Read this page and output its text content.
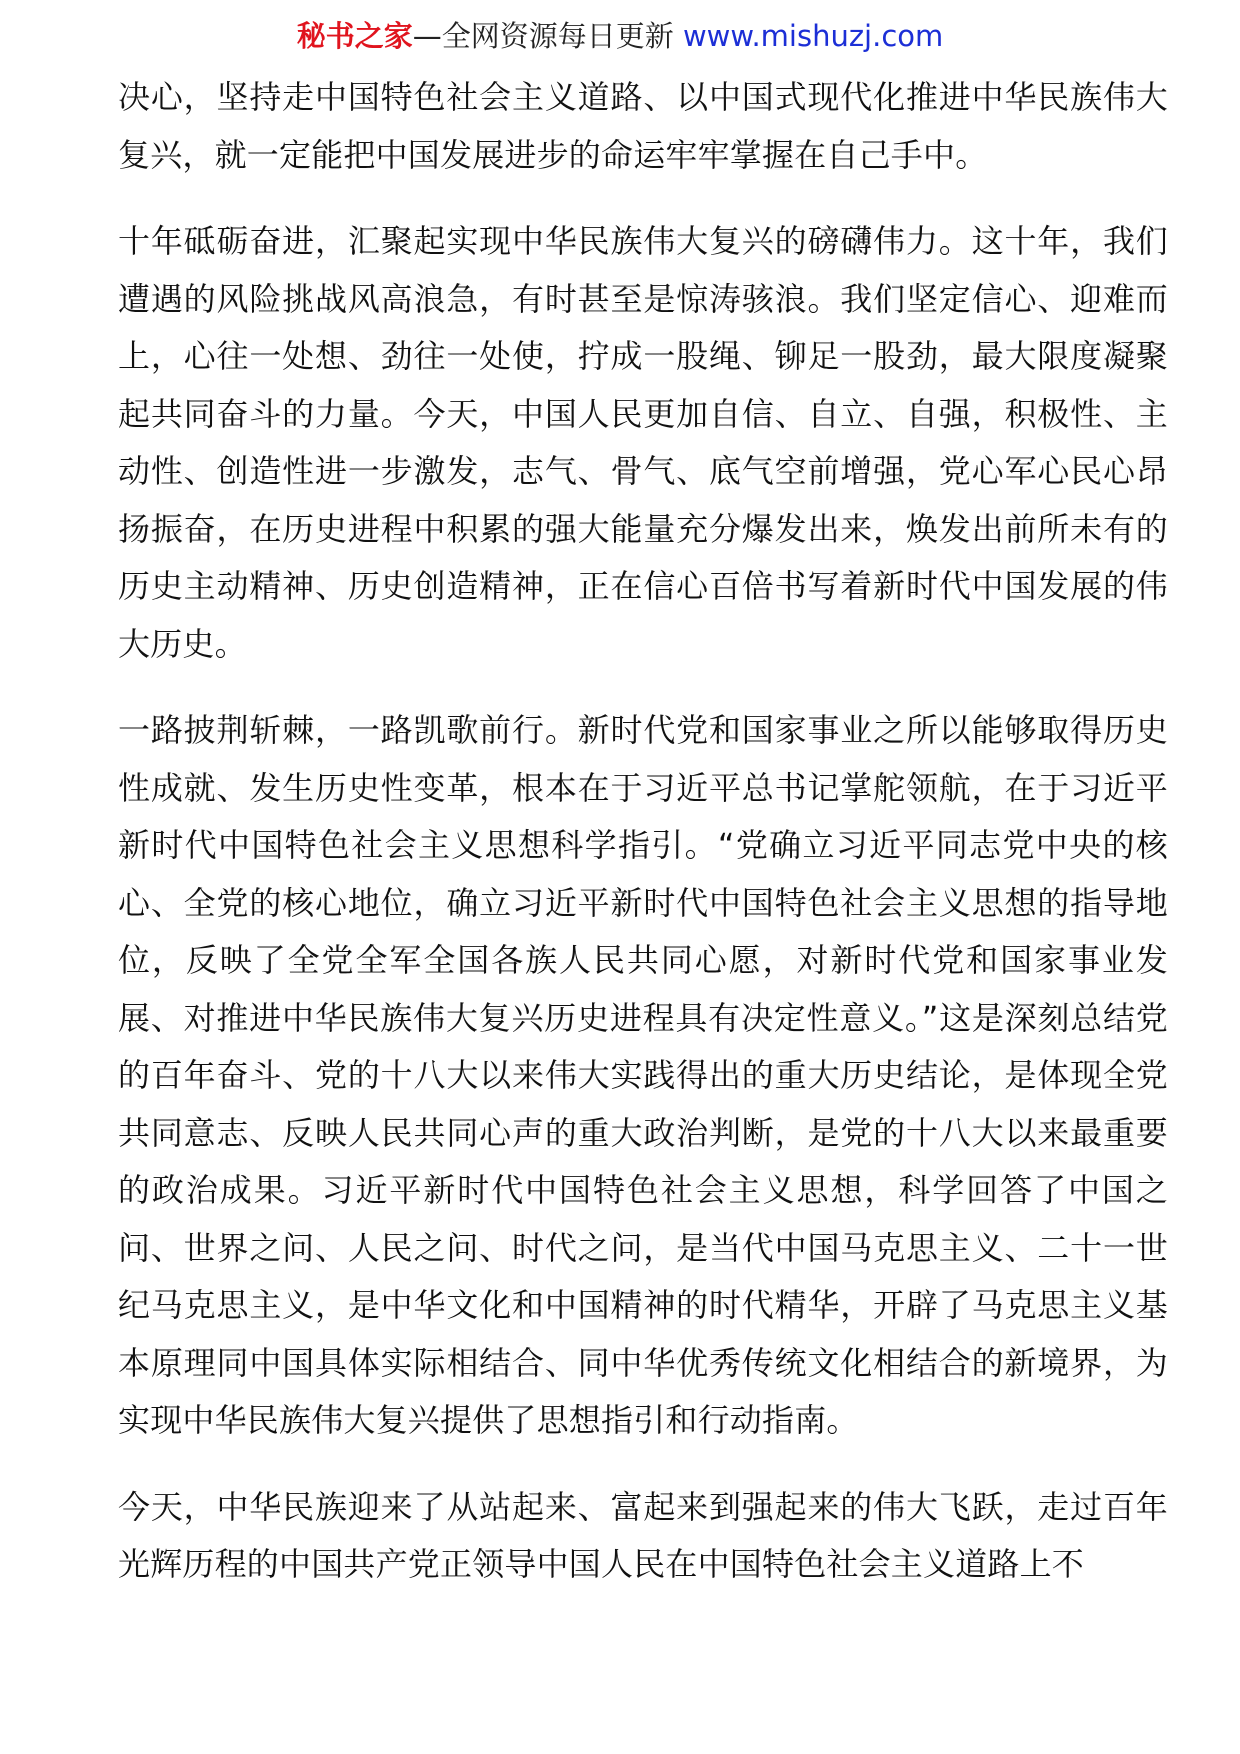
秘书之家—全网资源每日更新 www.mishuzj.com

决心，坚持走中国特色社会主义道路、以中国式现代化推进中华民族伟大复兴，就一定能把中国发展进步的命运牢牢掌握在自己手中。

十年砥砺奋进，汇聚起实现中华民族伟大复兴的磅礴伟力。这十年，我们遭遇的风险挑战风高浪急，有时甚至是惊涛骇浪。我们坚定信心、迎难而上，心往一处想、劲往一处使，拧成一股绳、铆足一股劲，最大限度凝聚起共同奋斗的力量。今天，中国人民更加自信、自立、自强，积极性、主动性、创造性进一步激发，志气、骨气、底气空前增强，党心军心民心昂扬振奋，在历史进程中积累的强大能量充分爆发出来，焕发出前所未有的历史主动精神、历史创造精神，正在信心百倍书写着新时代中国发展的伟大历史。

一路披荆斩棘，一路凯歌前行。新时代党和国家事业之所以能够取得历史性成就、发生历史性变革，根本在于习近平总书记掌舵领航，在于习近平新时代中国特色社会主义思想科学指引。“党确立习近平同志党中央的核心、全党的核心地位，确立习近平新时代中国特色社会主义思想的指导地位，反映了全党全军全国各族人民共同心愿，对新时代党和国家事业发展、对推进中华民族伟大复兴历史进程具有决定性意义。”这是深刻总结党的百年奋斗、党的十八大以来伟大实践得出的重大历史结论，是体现全党共同意志、反映人民共同心声的重大政治判断，是党的十八大以来最重要的政治成果。习近平新时代中国特色社会主义思想，科学回答了中国之问、世界之问、人民之问、时代之问，是当代中国马克思主义、二十一世纪马克思主义，是中华文化和中国精神的时代精华，开辟了马克思主义基本原理同中国具体实际相结合、同中华优秀传统文化相结合的新境界，为实现中华民族伟大复兴提供了思想指引和行动指南。

今天，中华民族迎来了从站起来、富起来到强起来的伟大飞跃，走过百年光辉历程的中国共产党正领导中国人民在中国特色社会主义道路上不
